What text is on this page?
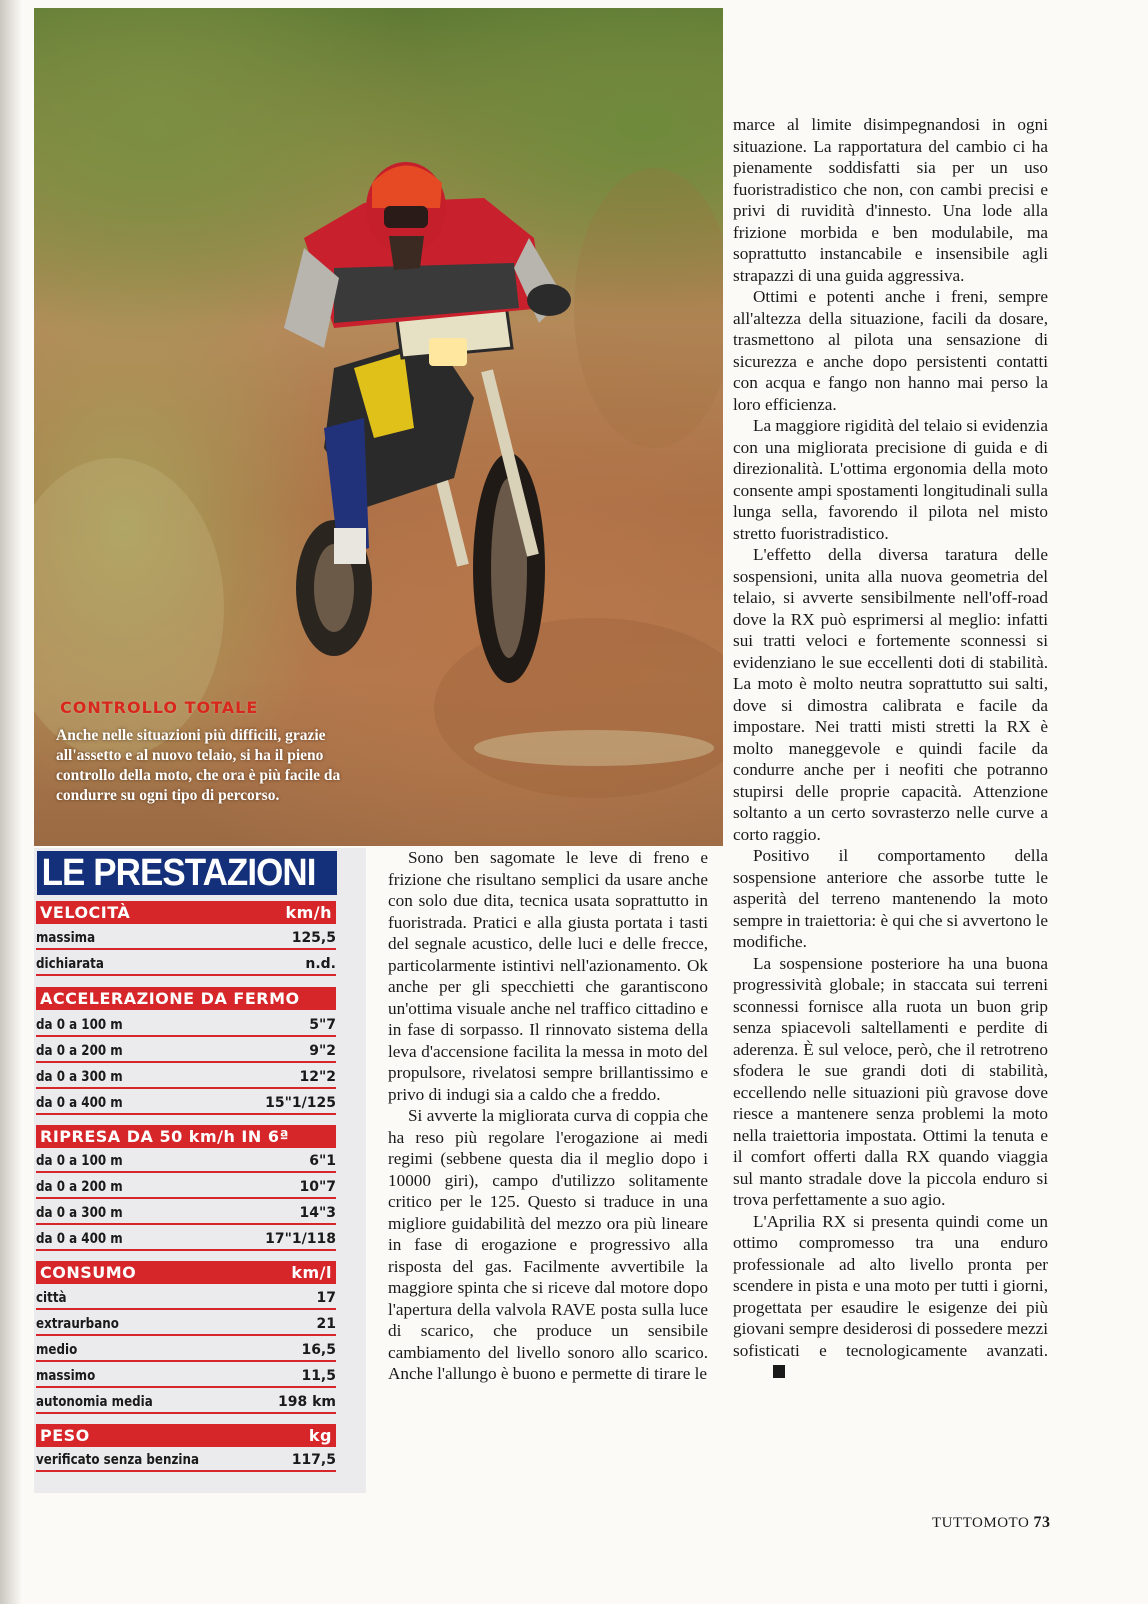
CONTROLLO TOTALE
Anche nelle situazioni più difficili, grazie all'assetto e al nuovo telaio, si ha il pieno controllo della moto, che ora è più facile da condurre su ogni tipo di percorso.
LE PRESTAZIONI
VELOCITÀ	km/h
massima	125,5
dichiarata	n.d.
ACCELERAZIONE DA FERMO
da 0 a 100 m	5"7
da 0 a 200 m	9"2
da 0 a 300 m	12"2
da 0 a 400 m	15"1/125
RIPRESA DA 50 km/h IN 6ª
da 0 a 100 m	6"1
da 0 a 200 m	10"7
da 0 a 300 m	14"3
da 0 a 400 m	17"1/118
CONSUMO	km/l
città	17
extraurbano	21
medio	16,5
massimo	11,5
autonomia media	198 km
PESO	kg
verificato senza benzina	117,5

Sono ben sagomate le leve di freno e frizione che risultano semplici da usare anche con solo due dita, tecnica usata soprattutto in fuoristrada. Pratici e alla giusta portata i tasti del segnale acustico, delle luci e delle frecce, particolarmente istintivi nell'azionamento. Ok anche per gli specchietti che garantiscono un'ottima visuale anche nel traffico cittadino e in fase di sorpasso. Il rinnovato sistema della leva d'accensione facilita la messa in moto del propulsore, rivelatosi sempre brillantissimo e privo di indugi sia a caldo che a freddo.

Si avverte la migliorata curva di coppia che ha reso più regolare l'erogazione ai medi regimi (sebbene questa dia il meglio dopo i 10000 giri), campo d'utilizzo solitamente critico per le 125. Questo si traduce in una migliore guidabilità del mezzo ora più lineare in fase di erogazione e progressivo alla risposta del gas. Facilmente avvertibile la maggiore spinta che si riceve dal motore dopo l'apertura della valvola RAVE posta sulla luce di scarico, che produce un sensibile cambiamento del livello sonoro allo scarico. Anche l'allungo è buono e permette di tirare le

marce al limite disimpegnandosi in ogni situazione. La rapportatura del cambio ci ha pienamente soddisfatti sia per un uso fuoristradistico che non, con cambi precisi e privi di ruvidità d'innesto. Una lode alla frizione morbida e ben modulabile, ma soprattutto instancabile e insensibile agli strapazzi di una guida aggressiva.

Ottimi e potenti anche i freni, sempre all'altezza della situazione, facili da dosare, trasmettono al pilota una sensazione di sicurezza e anche dopo persistenti contatti con acqua e fango non hanno mai perso la loro efficienza.

La maggiore rigidità del telaio si evidenzia con una migliorata precisione di guida e di direzionalità. L'ottima ergonomia della moto consente ampi spostamenti longitudinali sulla lunga sella, favorendo il pilota nel misto stretto fuoristradistico.

L'effetto della diversa taratura delle sospensioni, unita alla nuova geometria del telaio, si avverte sensibilmente nell'off-road dove la RX può esprimersi al meglio: infatti sui tratti veloci e fortemente sconnessi si evidenziano le sue eccellenti doti di stabilità. La moto è molto neutra soprattutto sui salti, dove si dimostra calibrata e facile da impostare. Nei tratti misti stretti la RX è molto maneggevole e quindi facile da condurre anche per i neofiti che potranno stupirsi delle proprie capacità. Attenzione soltanto a un certo sovrasterzo nelle curve a corto raggio.

Positivo il comportamento della sospensione anteriore che assorbe tutte le asperità del terreno mantenendo la moto sempre in traiettoria: è qui che si avvertono le modifiche.

La sospensione posteriore ha una buona progressività globale; in staccata sui terreni sconnessi fornisce alla ruota un buon grip senza spiacevoli saltellamenti e perdite di aderenza. È sul veloce, però, che il retrotreno sfodera le sue grandi doti di stabilità, eccellendo nelle situazioni più gravose dove riesce a mantenere senza problemi la moto nella traiettoria impostata. Ottimi la tenuta e il comfort offerti dalla RX quando viaggia sul manto stradale dove la piccola enduro si trova perfettamente a suo agio.

L'Aprilia RX si presenta quindi come un ottimo compromesso tra una enduro professionale ad alto livello pronta per scendere in pista e una moto per tutti i giorni, progettata per esaudire le esigenze dei più giovani sempre desiderosi di possedere mezzi sofisticati e tecnologicamente avanzati.

TUTTOMOTO 73
